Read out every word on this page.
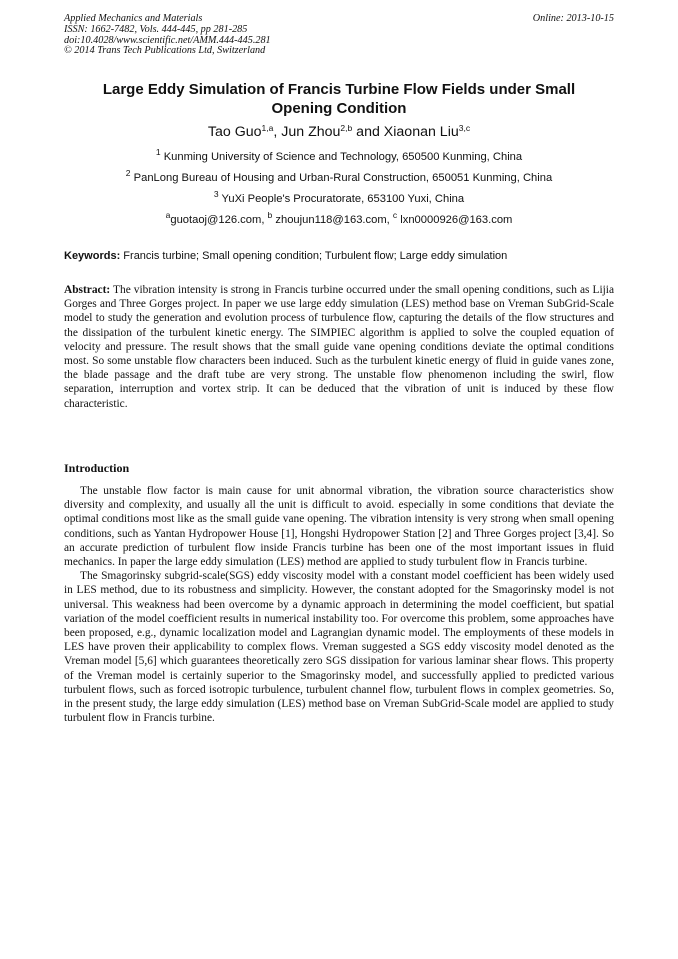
Applied Mechanics and Materials
ISSN: 1662-7482, Vols. 444-445, pp 281-285
doi:10.4028/www.scientific.net/AMM.444-445.281
© 2014 Trans Tech Publications Ltd, Switzerland
Online: 2013-10-15
Large Eddy Simulation of Francis Turbine Flow Fields under Small Opening Condition
Tao Guo$^{1,a}$, Jun Zhou$^{2,b}$ and Xiaonan Liu$^{3,c}$
$^1$ Kunming University of Science and Technology, 650500 Kunming, China
$^2$ PanLong Bureau of Housing and Urban-Rural Construction, 650051 Kunming, China
$^3$ YuXi People's Procuratorate, 653100 Yuxi, China
$^a$guotaoj@126.com, $^b$ zhoujun118@163.com, $^c$ lxn0000926@163.com
Keywords: Francis turbine; Small opening condition; Turbulent flow; Large eddy simulation

Abstract: The vibration intensity is strong in Francis turbine occurred under the small opening conditions, such as Lijia Gorges and Three Gorges project. In paper we use large eddy simulation (LES) method base on Vreman SubGrid-Scale model to study the generation and evolution process of turbulence flow, capturing the details of the flow structures and the dissipation of the turbulent kinetic energy. The SIMPIEC algorithm is applied to solve the coupled equation of velocity and pressure. The result shows that the small guide vane opening conditions deviate the optimal conditions most. So some unstable flow characters been induced. Such as the turbulent kinetic energy of fluid in guide vanes zone, the blade passage and the draft tube are very strong. The unstable flow phenomenon including the swirl, flow separation, interruption and vortex strip. It can be deduced that the vibration of unit is induced by these flow characteristic.

Introduction

The unstable flow factor is main cause for unit abnormal vibration, the vibration source characteristics show diversity and complexity, and usually all the unit is difficult to avoid. especially in some conditions that deviate the optimal conditions most like as the small guide vane opening. The vibration intensity is very strong when small opening conditions, such as Yantan Hydropower House [1], Hongshi Hydropower Station [2] and Three Gorges project [3,4]. So an accurate prediction of turbulent flow inside Francis turbine has been one of the most important issues in fluid mechanics. In paper the large eddy simulation (LES) method are applied to study turbulent flow in Francis turbine.

The Smagorinsky subgrid-scale(SGS) eddy viscosity model with a constant model coefficient has been widely used in LES method, due to its robustness and simplicity. However, the constant adopted for the Smagorinsky model is not universal. This weakness had been overcome by a dynamic approach in determining the model coefficient, but spatial variation of the model coefficient results in numerical instability too. For overcome this problem, some approaches have been proposed, e.g., dynamic localization model and Lagrangian dynamic model. The employments of these models in LES have proven their applicability to complex flows. Vreman suggested a SGS eddy viscosity model denoted as the Vreman model [5,6] which guarantees theoretically zero SGS dissipation for various laminar shear flows. This property of the Vreman model is certainly superior to the Smagorinsky model, and successfully applied to predicted various turbulent flows, such as forced isotropic turbulence, turbulent channel flow, turbulent flows in complex geometries. So, in the present study, the large eddy simulation (LES) method base on Vreman SubGrid-Scale model are applied to study turbulent flow in Francis turbine.
